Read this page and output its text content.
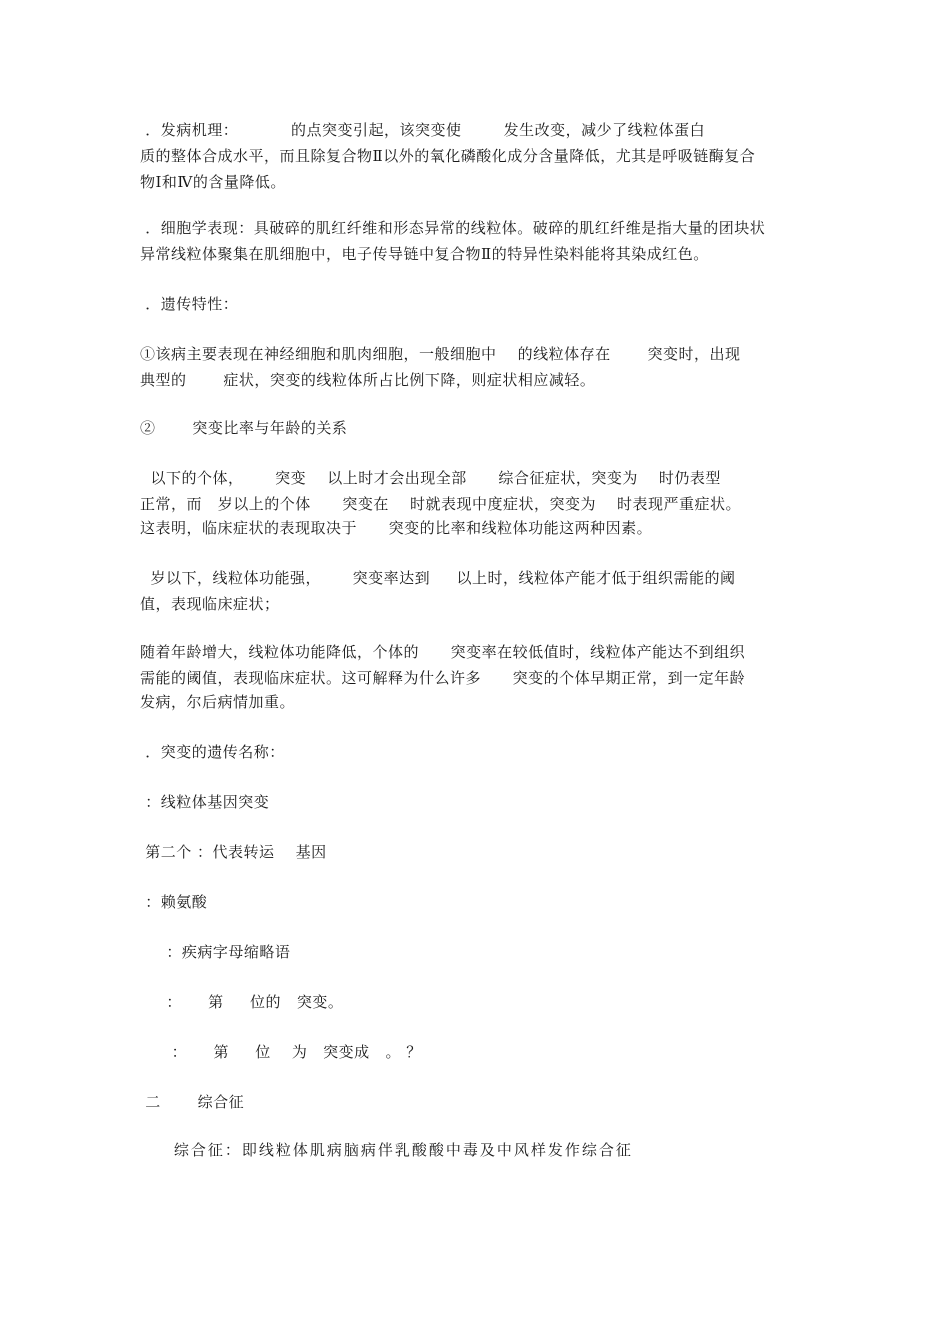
．发病机理：          的点突变引起，该突变使        发生改变，减少了线粒体蛋白
质的整体合成水平，而且除复合物Ⅱ以外的氧化磷酸化成分含量降低，尤其是呼吸链酶复合
物Ⅰ和Ⅳ的含量降低。
．细胞学表现：具破碎的肌红纤维和形态异常的线粒体。破碎的肌红纤维是指大量的团块状
异常线粒体聚集在肌细胞中，电子传导链中复合物Ⅱ的特异性染料能将其染成红色。
．遗传特性：
①该病主要表现在神经细胞和肌肉细胞，一般细胞中    的线粒体存在       突变时，出现
典型的       症状，突变的线粒体所占比例下降，则症状相应减轻。
②       突变比率与年龄的关系
以下的个体，      突变    以上时才会出现全部      综合征症状，突变为    时仍表型
正常，而   岁以上的个体      突变在    时就表现中度症状，突变为    时表现严重症状。
这表明，临床症状的表现取决于      突变的比率和线粒体功能这两种因素。
岁以下，线粒体功能强，      突变率达到     以上时，线粒体产能才低于组织需能的阈
值，表现临床症状；
随着年龄增大，线粒体功能降低，个体的      突变率在较低值时，线粒体产能达不到组织
需能的阈值，表现临床症状。这可解释为什么许多      突变的个体早期正常，到一定年龄
发病，尔后病情加重。
．突变的遗传名称：
：线粒体基因突变
第二个 ：代表转运    基因
：赖氨酸
：疾病字母缩略语
：     第     位的   突变。
：     第     位    为   突变成   。 ？
二       综合征
综合征：即线粒体肌病脑病伴乳酸酸中毒及中风样发作综合征
